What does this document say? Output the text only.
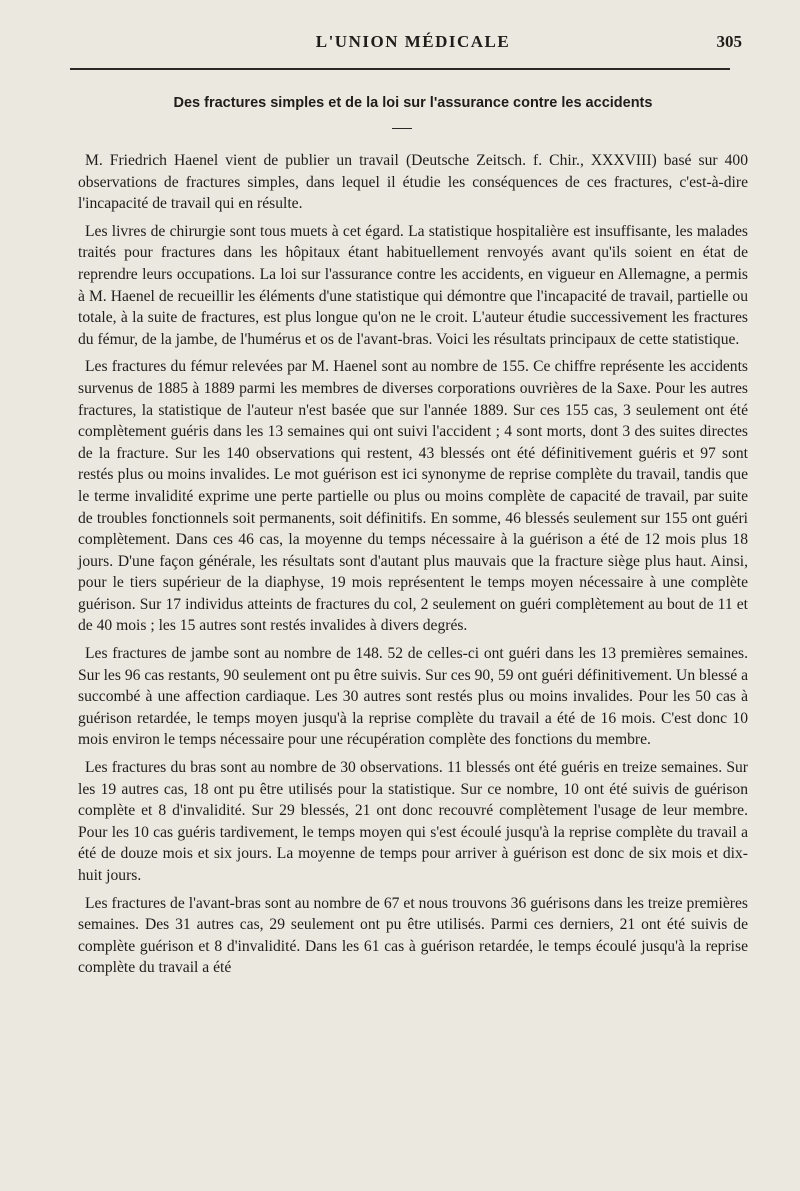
L'UNION MÉDICALE	305
Des fractures simples et de la loi sur l'assurance contre les accidents

M. Friedrich Haenel vient de publier un travail (Deutsche Zeitsch. f. Chir., XXXVIII) basé sur 400 observations de fractures simples, dans lequel il étudie les conséquences de ces fractures, c'est-à-dire l'incapacité de travail qui en résulte.

Les livres de chirurgie sont tous muets à cet égard. La statistique hospitalière est insuffisante, les malades traités pour fractures dans les hôpitaux étant habituellement renvoyés avant qu'ils soient en état de reprendre leurs occupations. La loi sur l'assurance contre les accidents, en vigueur en Allemagne, a permis à M. Haenel de recueillir les éléments d'une statistique qui démontre que l'incapacité de travail, partielle ou totale, à la suite de fractures, est plus longue qu'on ne le croit. L'auteur étudie successivement les fractures du fémur, de la jambe, de l'humérus et os de l'avant-bras. Voici les résultats principaux de cette statistique.

Les fractures du fémur relevées par M. Haenel sont au nombre de 155. Ce chiffre représente les accidents survenus de 1885 à 1889 parmi les membres de diverses corporations ouvrières de la Saxe. Pour les autres fractures, la statistique de l'auteur n'est basée que sur l'année 1889. Sur ces 155 cas, 3 seulement ont été complètement guéris dans les 13 semaines qui ont suivi l'accident ; 4 sont morts, dont 3 des suites directes de la fracture. Sur les 140 observations qui restent, 43 blessés ont été définitivement guéris et 97 sont restés plus ou moins invalides. Le mot guérison est ici synonyme de reprise complète du travail, tandis que le terme invalidité exprime une perte partielle ou plus ou moins complète de capacité de travail, par suite de troubles fonctionnels soit permanents, soit définitifs. En somme, 46 blessés seulement sur 155 ont guéri complètement. Dans ces 46 cas, la moyenne du temps nécessaire à la guérison a été de 12 mois plus 18 jours. D'une façon générale, les résultats sont d'autant plus mauvais que la fracture siège plus haut. Ainsi, pour le tiers supérieur de la diaphyse, 19 mois représentent le temps moyen nécessaire à une complète guérison. Sur 17 individus atteints de fractures du col, 2 seulement on guéri complètement au bout de 11 et de 40 mois ; les 15 autres sont restés invalides à divers degrés.

Les fractures de jambe sont au nombre de 148. 52 de celles-ci ont guéri dans les 13 premières semaines. Sur les 96 cas restants, 90 seulement ont pu être suivis. Sur ces 90, 59 ont guéri définitivement. Un blessé a succombé à une affection cardiaque. Les 30 autres sont restés plus ou moins invalides. Pour les 50 cas à guérison retardée, le temps moyen jusqu'à la reprise complète du travail a été de 16 mois. C'est donc 10 mois environ le temps nécessaire pour une récupération complète des fonctions du membre.

Les fractures du bras sont au nombre de 30 observations. 11 blessés ont été guéris en treize semaines. Sur les 19 autres cas, 18 ont pu être utilisés pour la statistique. Sur ce nombre, 10 ont été suivis de guérison complète et 8 d'invalidité. Sur 29 blessés, 21 ont donc recouvré complètement l'usage de leur membre. Pour les 10 cas guéris tardivement, le temps moyen qui s'est écoulé jusqu'à la reprise complète du travail a été de douze mois et six jours. La moyenne de temps pour arriver à guérison est donc de six mois et dix-huit jours.

Les fractures de l'avant-bras sont au nombre de 67 et nous trouvons 36 guérisons dans les treize premières semaines. Des 31 autres cas, 29 seulement ont pu être utilisés. Parmi ces derniers, 21 ont été suivis de complète guérison et 8 d'invalidité. Dans les 61 cas à guérison retardée, le temps écoulé jusqu'à la reprise complète du travail a été
